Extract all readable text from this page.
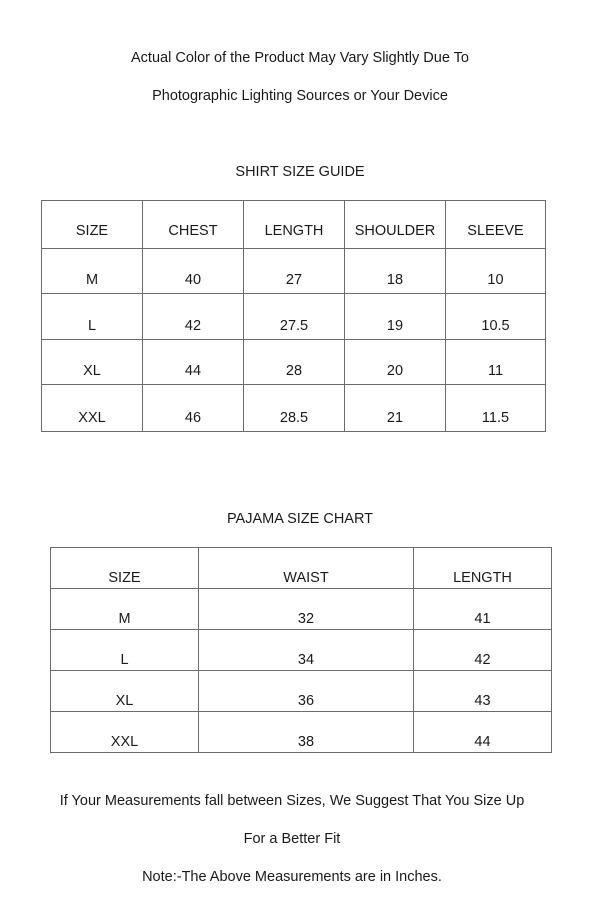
Actual Color of the Product May Vary Slightly Due To
Photographic Lighting Sources or Your Device
SHIRT SIZE GUIDE
SIZE	CHEST	LENGTH	SHOULDER	SLEEVE
M	40	27	18	10
L	42	27.5	19	10.5
XL	44	28	20	11
XXL	46	28.5	21	11.5
PAJAMA SIZE CHART
SIZE	WAIST	LENGTH
M	32	41
L	34	42
XL	36	43
XXL	38	44
If Your Measurements fall between Sizes, We Suggest That You Size Up
For a Better Fit
Note:-The Above Measurements are in Inches.
